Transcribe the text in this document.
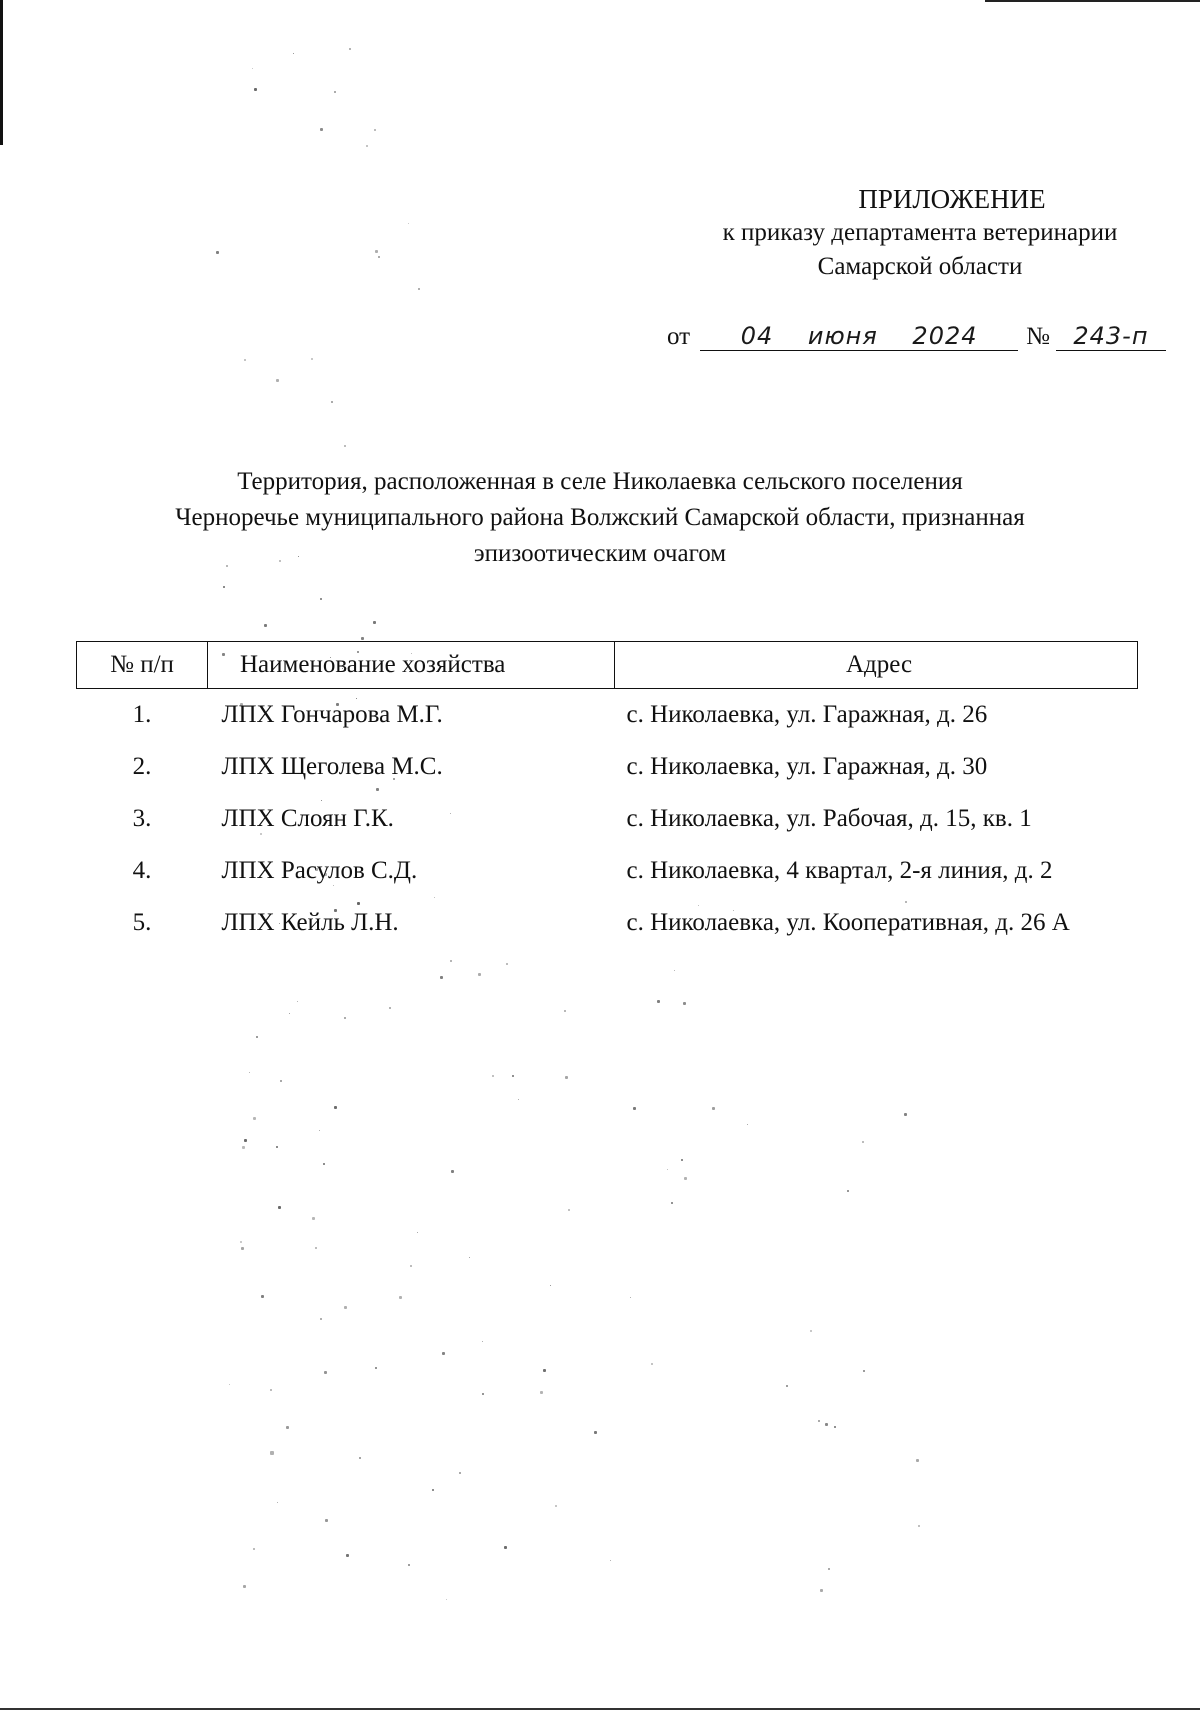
ПРИЛОЖЕНИЕ
к приказу департамента ветеринарии
Самарской области
от	04 июня 2024	№ 243-п
Территория, расположенная в селе Николаевка сельского поселения
Черноречье муниципального района Волжский Самарской области, признанная
эпизоотическим очагом
№ п/п	Наименование хозяйства	Адрес
1.	ЛПХ Гончарова М.Г.	с. Николаевка, ул. Гаражная, д. 26
2.	ЛПХ Щеголева М.С.	с. Николаевка, ул. Гаражная, д. 30
3.	ЛПХ Слоян Г.К.	с. Николаевка, ул. Рабочая, д. 15, кв. 1
4.	ЛПХ Расулов С.Д.	с. Николаевка, 4 квартал, 2-я линия, д. 2
5.	ЛПХ Кейль Л.Н.	с. Николаевка, ул. Кооперативная, д. 26 А
